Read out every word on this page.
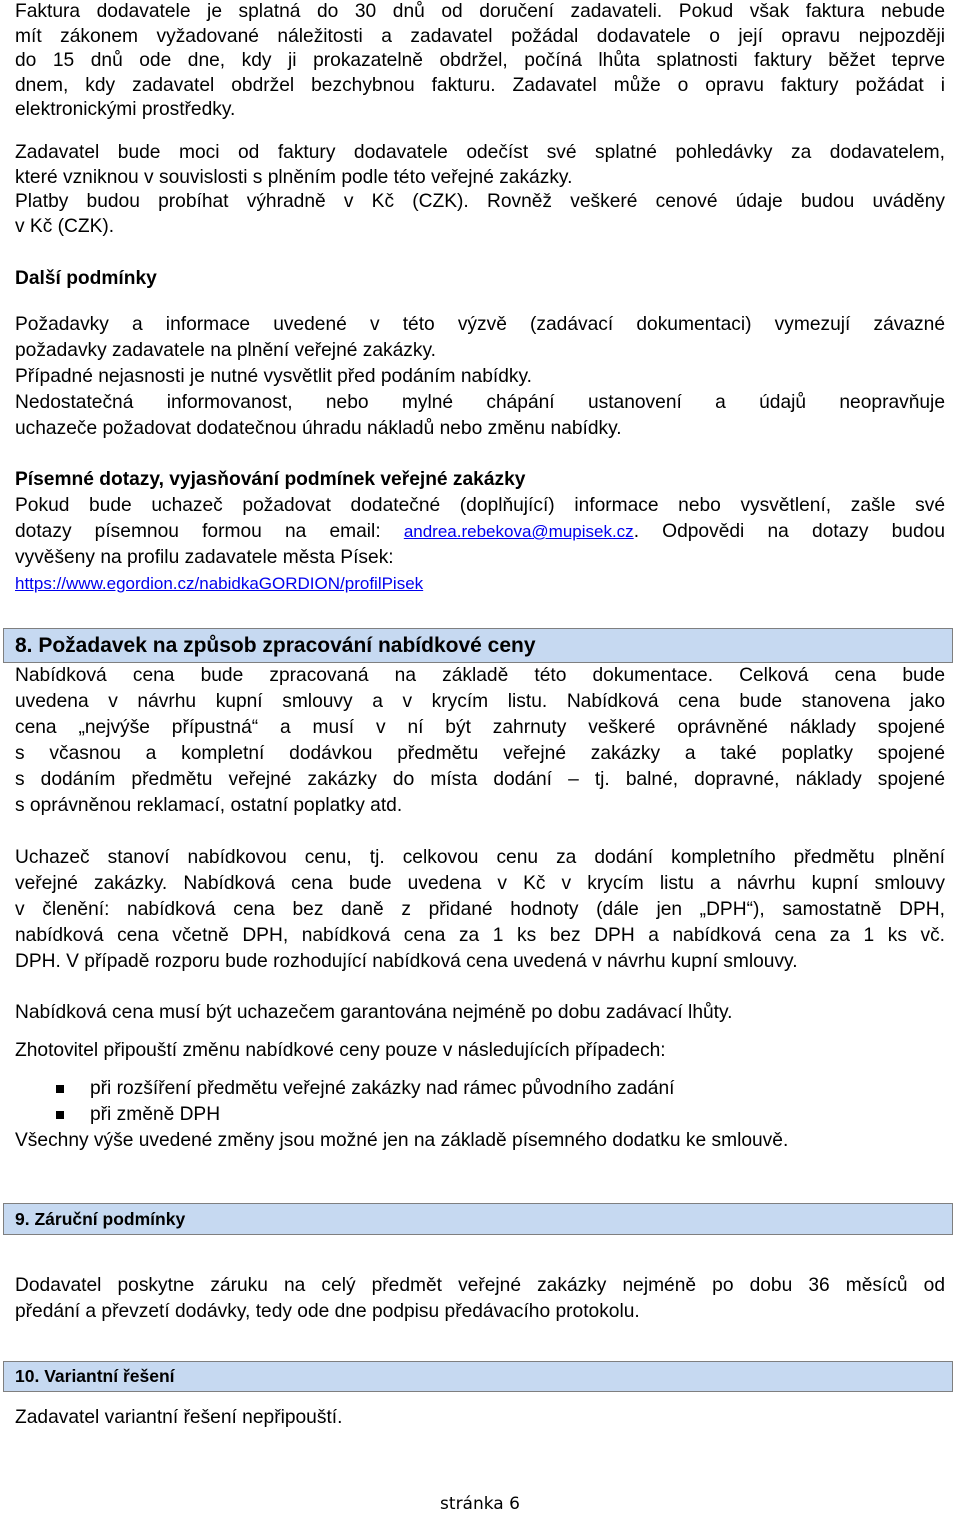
Faktura dodavatele je splatná do 30 dnů od doručení zadavateli. Pokud však faktura nebude

mít zákonem vyžadované náležitosti a zadavatel požádal dodavatele o její opravu nejpozději

do 15 dnů ode dne, kdy ji prokazatelně obdržel, počíná lhůta splatnosti faktury běžet teprve

dnem, kdy zadavatel obdržel bezchybnou fakturu. Zadavatel může o opravu faktury požádat i

elektronickými prostředky.

Zadavatel bude moci od faktury dodavatele odečíst své splatné pohledávky za dodavatelem,

které vzniknou v souvislosti s plněním podle této veřejné zakázky.

Platby budou probíhat výhradně v Kč (CZK). Rovněž veškeré cenové údaje budou uváděny

v Kč (CZK).

Další podmínky

Požadavky a informace uvedené v této výzvě (zadávací dokumentaci) vymezují závazné

požadavky zadavatele na plnění veřejné zakázky.

Případné nejasnosti je nutné vysvětlit před podáním nabídky.

Nedostatečná informovanost, nebo mylné chápání ustanovení a údajů neopravňuje

uchazeče požadovat dodatečnou úhradu nákladů nebo změnu nabídky.

Písemné dotazy, vyjasňování podmínek veřejné zakázky

Pokud bude uchazeč požadovat dodatečné (doplňující) informace nebo vysvětlení, zašle své

dotazy písemnou formou na email: andrea.rebekova@mupisek.cz. Odpovědi na dotazy budou

vyvěšeny na profilu zadavatele města Písek:

https://www.egordion.cz/nabidkaGORDION/profilPisek

8. Požadavek na způsob zpracování nabídkové ceny

Nabídková cena bude zpracovaná na základě této dokumentace. Celková cena bude

uvedena v návrhu kupní smlouvy a v krycím listu. Nabídková cena bude stanovena jako

cena „nejvýše přípustná“ a musí v ní být zahrnuty veškeré oprávněné náklady spojené

s včasnou a kompletní dodávkou předmětu veřejné zakázky a také poplatky spojené

s dodáním předmětu veřejné zakázky do místa dodání – tj. balné, dopravné, náklady spojené

s oprávněnou reklamací, ostatní poplatky atd.

Uchazeč stanoví nabídkovou cenu, tj. celkovou cenu za dodání kompletního předmětu plnění

veřejné zakázky. Nabídková cena bude uvedena v Kč v krycím listu a návrhu kupní smlouvy

v členění: nabídková cena bez daně z přidané hodnoty (dále jen „DPH“), samostatně DPH,

nabídková cena včetně DPH, nabídková cena za 1 ks bez DPH a nabídková cena za 1 ks vč.

DPH. V případě rozporu bude rozhodující nabídková cena uvedená v návrhu kupní smlouvy.

Nabídková cena musí být uchazečem garantována nejméně po dobu zadávací lhůty.

Zhotovitel připouští změnu nabídkové ceny pouze v následujících případech:

při rozšíření předmětu veřejné zakázky nad rámec původního zadání
při změně DPH

Všechny výše uvedené změny jsou možné jen na základě písemného dodatku ke smlouvě.

9. Záruční podmínky

Dodavatel poskytne záruku na celý předmět veřejné zakázky nejméně po dobu 36 měsíců od

předání a převzetí dodávky, tedy ode dne podpisu předávacího protokolu.

10. Variantní řešení

Zadavatel variantní řešení nepřipouští.

stránka 6
